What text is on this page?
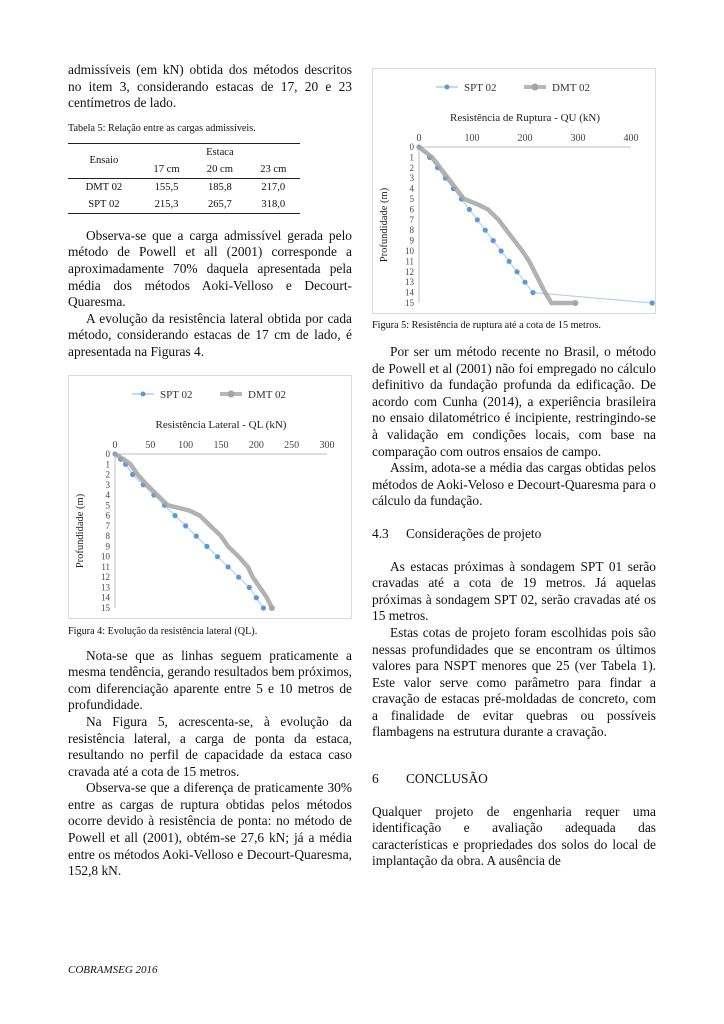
admissíveis (em kN) obtida dos métodos descritos no item 3, considerando estacas de 17, 20 e 23 centímetros de lado.

Tabela 5: Relação entre as cargas admissíveis.

Ensaio	Estaca		
	17 cm	20 cm	23 cm
DMT 02	155,5	185,8	217,0
SPT 02	215,3	265,7	318,0

Observa-se que a carga admissível gerada pelo método de Powell et all (2001) corresponde a aproximadamente 70% daquela apresentada pela média dos métodos Aoki-Velloso e Decourt-Quaresma.

A evolução da resistência lateral obtida por cada método, considerando estacas de 17 cm de lado, é apresentada na Figuras 4.

SPT 02	DMT 02
Resistência Lateral - QL (kN)
0	50 100 150 200 250 300
0
1
2
3
4
5
6
7
8
9
10
11
12
13
14
15
Profundidade (m)

Figura 4: Evolução da resistência lateral (QL).

Nota-se que as linhas seguem praticamente a mesma tendência, gerando resultados bem próximos, com diferenciação aparente entre 5 e 10 metros de profundidade.

Na Figura 5, acrescenta-se, à evolução da resistência lateral, a carga de ponta da estaca, resultando no perfil de capacidade da estaca caso cravada até a cota de 15 metros.

Observa-se que a diferença de praticamente 30% entre as cargas de ruptura obtidas pelos métodos ocorre devido à resistência de ponta: no método de Powell et all (2001), obtém-se 27,6 kN; já a média entre os métodos Aoki-Velloso e Decourt-Quaresma, 152,8 kN.

SPT 02	DMT 02
Resistência de Ruptura - QU (kN)
0	100	200	300	400
0
1
2
3
4
5
6
7
8
9
10
11
12
13
14
15
Profundidade (m)

Figura 5: Resistência de ruptura até a cota de 15 metros.

Por ser um método recente no Brasil, o método de Powell et al (2001) não foi empregado no cálculo definitivo da fundação profunda da edificação. De acordo com Cunha (2014), a experiência brasileira no ensaio dilatométrico é incipiente, restringindo-se à validação em condições locais, com base na comparação com outros ensaios de campo.

Assim, adota-se a média das cargas obtidas pelos métodos de Aoki-Veloso e Decourt-Quaresma para o cálculo da fundação.

4.3 Considerações de projeto

As estacas próximas à sondagem SPT 01 serão cravadas até a cota de 19 metros. Já aquelas próximas à sondagem SPT 02, serão cravadas até os 15 metros.

Estas cotas de projeto foram escolhidas pois são nessas profundidades que se encontram os últimos valores para NSPT menores que 25 (ver Tabela 1). Este valor serve como parâmetro para findar a cravação de estacas pré-moldadas de concreto, com a finalidade de evitar quebras ou possíveis flambagens na estrutura durante a cravação.

6 CONCLUSÃO

Qualquer projeto de engenharia requer uma identificação e avaliação adequada das características e propriedades dos solos do local de implantação da obra. A ausência de

COBRAMSEG 2016
